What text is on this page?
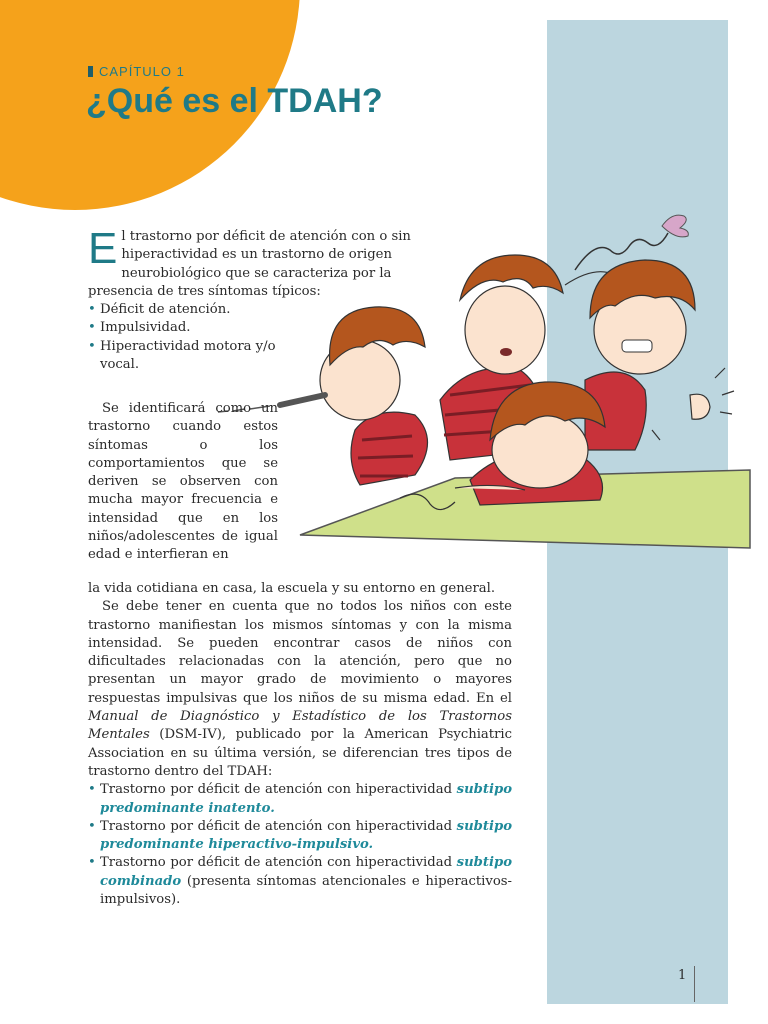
CAPÍTULO 1
¿Qué es el TDAH?
E l trastorno por déficit de atención con o sin hiperactividad es un trastorno de origen neurobiológico que se caracteriza por la presencia de tres síntomas típicos:
• Déficit de atención.
• Impulsividad.
• Hiperactividad motora y/o vocal.

Se identificará como un trastorno cuando estos síntomas o los comportamientos que se deriven se observen con mucha mayor frecuencia e intensidad que en los niños/adolescentes de igual edad e interfieran en

la vida cotidiana en casa, la escuela y su entorno en general.

Se debe tener en cuenta que no todos los niños con este trastorno manifiestan los mismos síntomas y con la misma intensidad. Se pueden encontrar casos de niños con dificultades relacionadas con la atención, pero que no presentan un mayor grado de movimiento o mayores respuestas impulsivas que los niños de su misma edad. En el Manual de Diagnóstico y Estadístico de los Trastornos Mentales (DSM-IV), publicado por la American Psychiatric Association en su última versión, se diferencian tres tipos de trastorno dentro del TDAH:

• Trastorno por déficit de atención con hiperactividad subtipo predominante inatento.
• Trastorno por déficit de atención con hiperactividad subtipo predominante hiperactivo-impulsivo.
• Trastorno por déficit de atención con hiperactividad subtipo combinado (presenta síntomas atencionales e hiperactivos-impulsivos).
1
